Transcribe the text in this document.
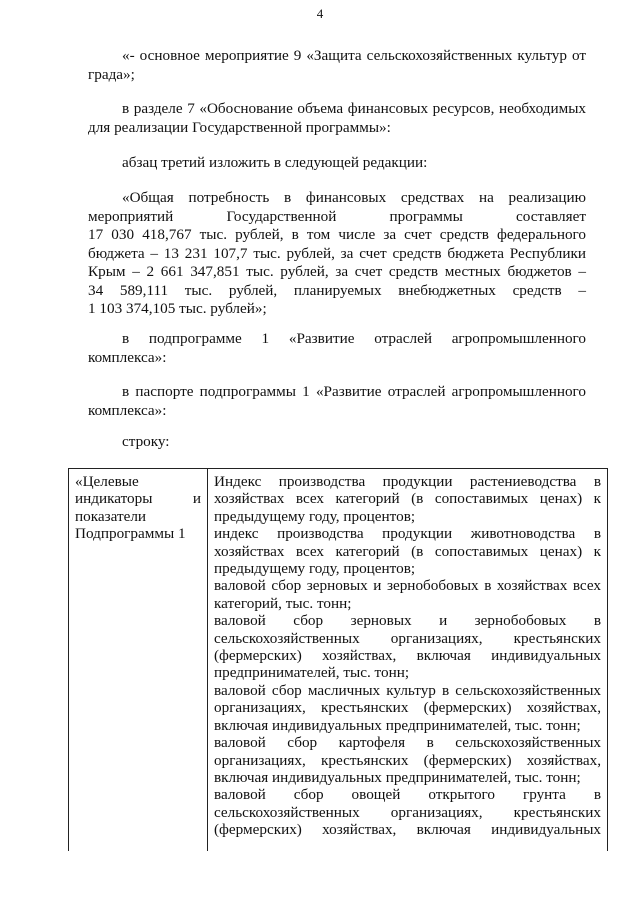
4

«- основное мероприятие 9 «Защита сельскохозяйственных культур от града»;

в разделе 7 «Обоснование объема финансовых ресурсов, необходимых для реализации Государственной программы»:

абзац третий изложить в следующей редакции:

«Общая потребность в финансовых средствах на реализацию
мероприятий Государственной программы составляет
17 030 418,767 тыс. рублей, в том числе за счет средств федерального
бюджета – 13 231 107,7 тыс. рублей, за счет средств бюджета Республики
Крым – 2 661 347,851 тыс. рублей, за счет средств местных бюджетов –
34 589,111 тыс. рублей, планируемых внебюджетных средств –
1 103 374,105 тыс. рублей»;

в подпрограмме 1 «Развитие отраслей агропромышленного комплекса»:

в паспорте подпрограммы 1 «Развитие отраслей агропромышленного комплекса»:

строку:

«Целевые
индикаторы и
показатели
Подпрограммы 1

Индекс производства продукции растениеводства в
хозяйствах всех категорий (в сопоставимых ценах) к
предыдущему году, процентов;
индекс производства продукции животноводства в
хозяйствах всех категорий (в сопоставимых ценах) к
предыдущему году, процентов;
валовой сбор зерновых и зернобобовых в хозяйствах всех
категорий, тыс. тонн;
валовой сбор зерновых и зернобобовых в
сельскохозяйственных организациях, крестьянских
(фермерских) хозяйствах, включая индивидуальных
предпринимателей, тыс. тонн;
валовой сбор масличных культур в сельскохозяйственных
организациях, крестьянских (фермерских) хозяйствах,
включая индивидуальных предпринимателей, тыс. тонн;
валовой сбор картофеля в сельскохозяйственных
организациях, крестьянских (фермерских) хозяйствах,
включая индивидуальных предпринимателей, тыс. тонн;
валовой сбор овощей открытого грунта в
сельскохозяйственных организациях, крестьянских
(фермерских) хозяйствах, включая индивидуальных
